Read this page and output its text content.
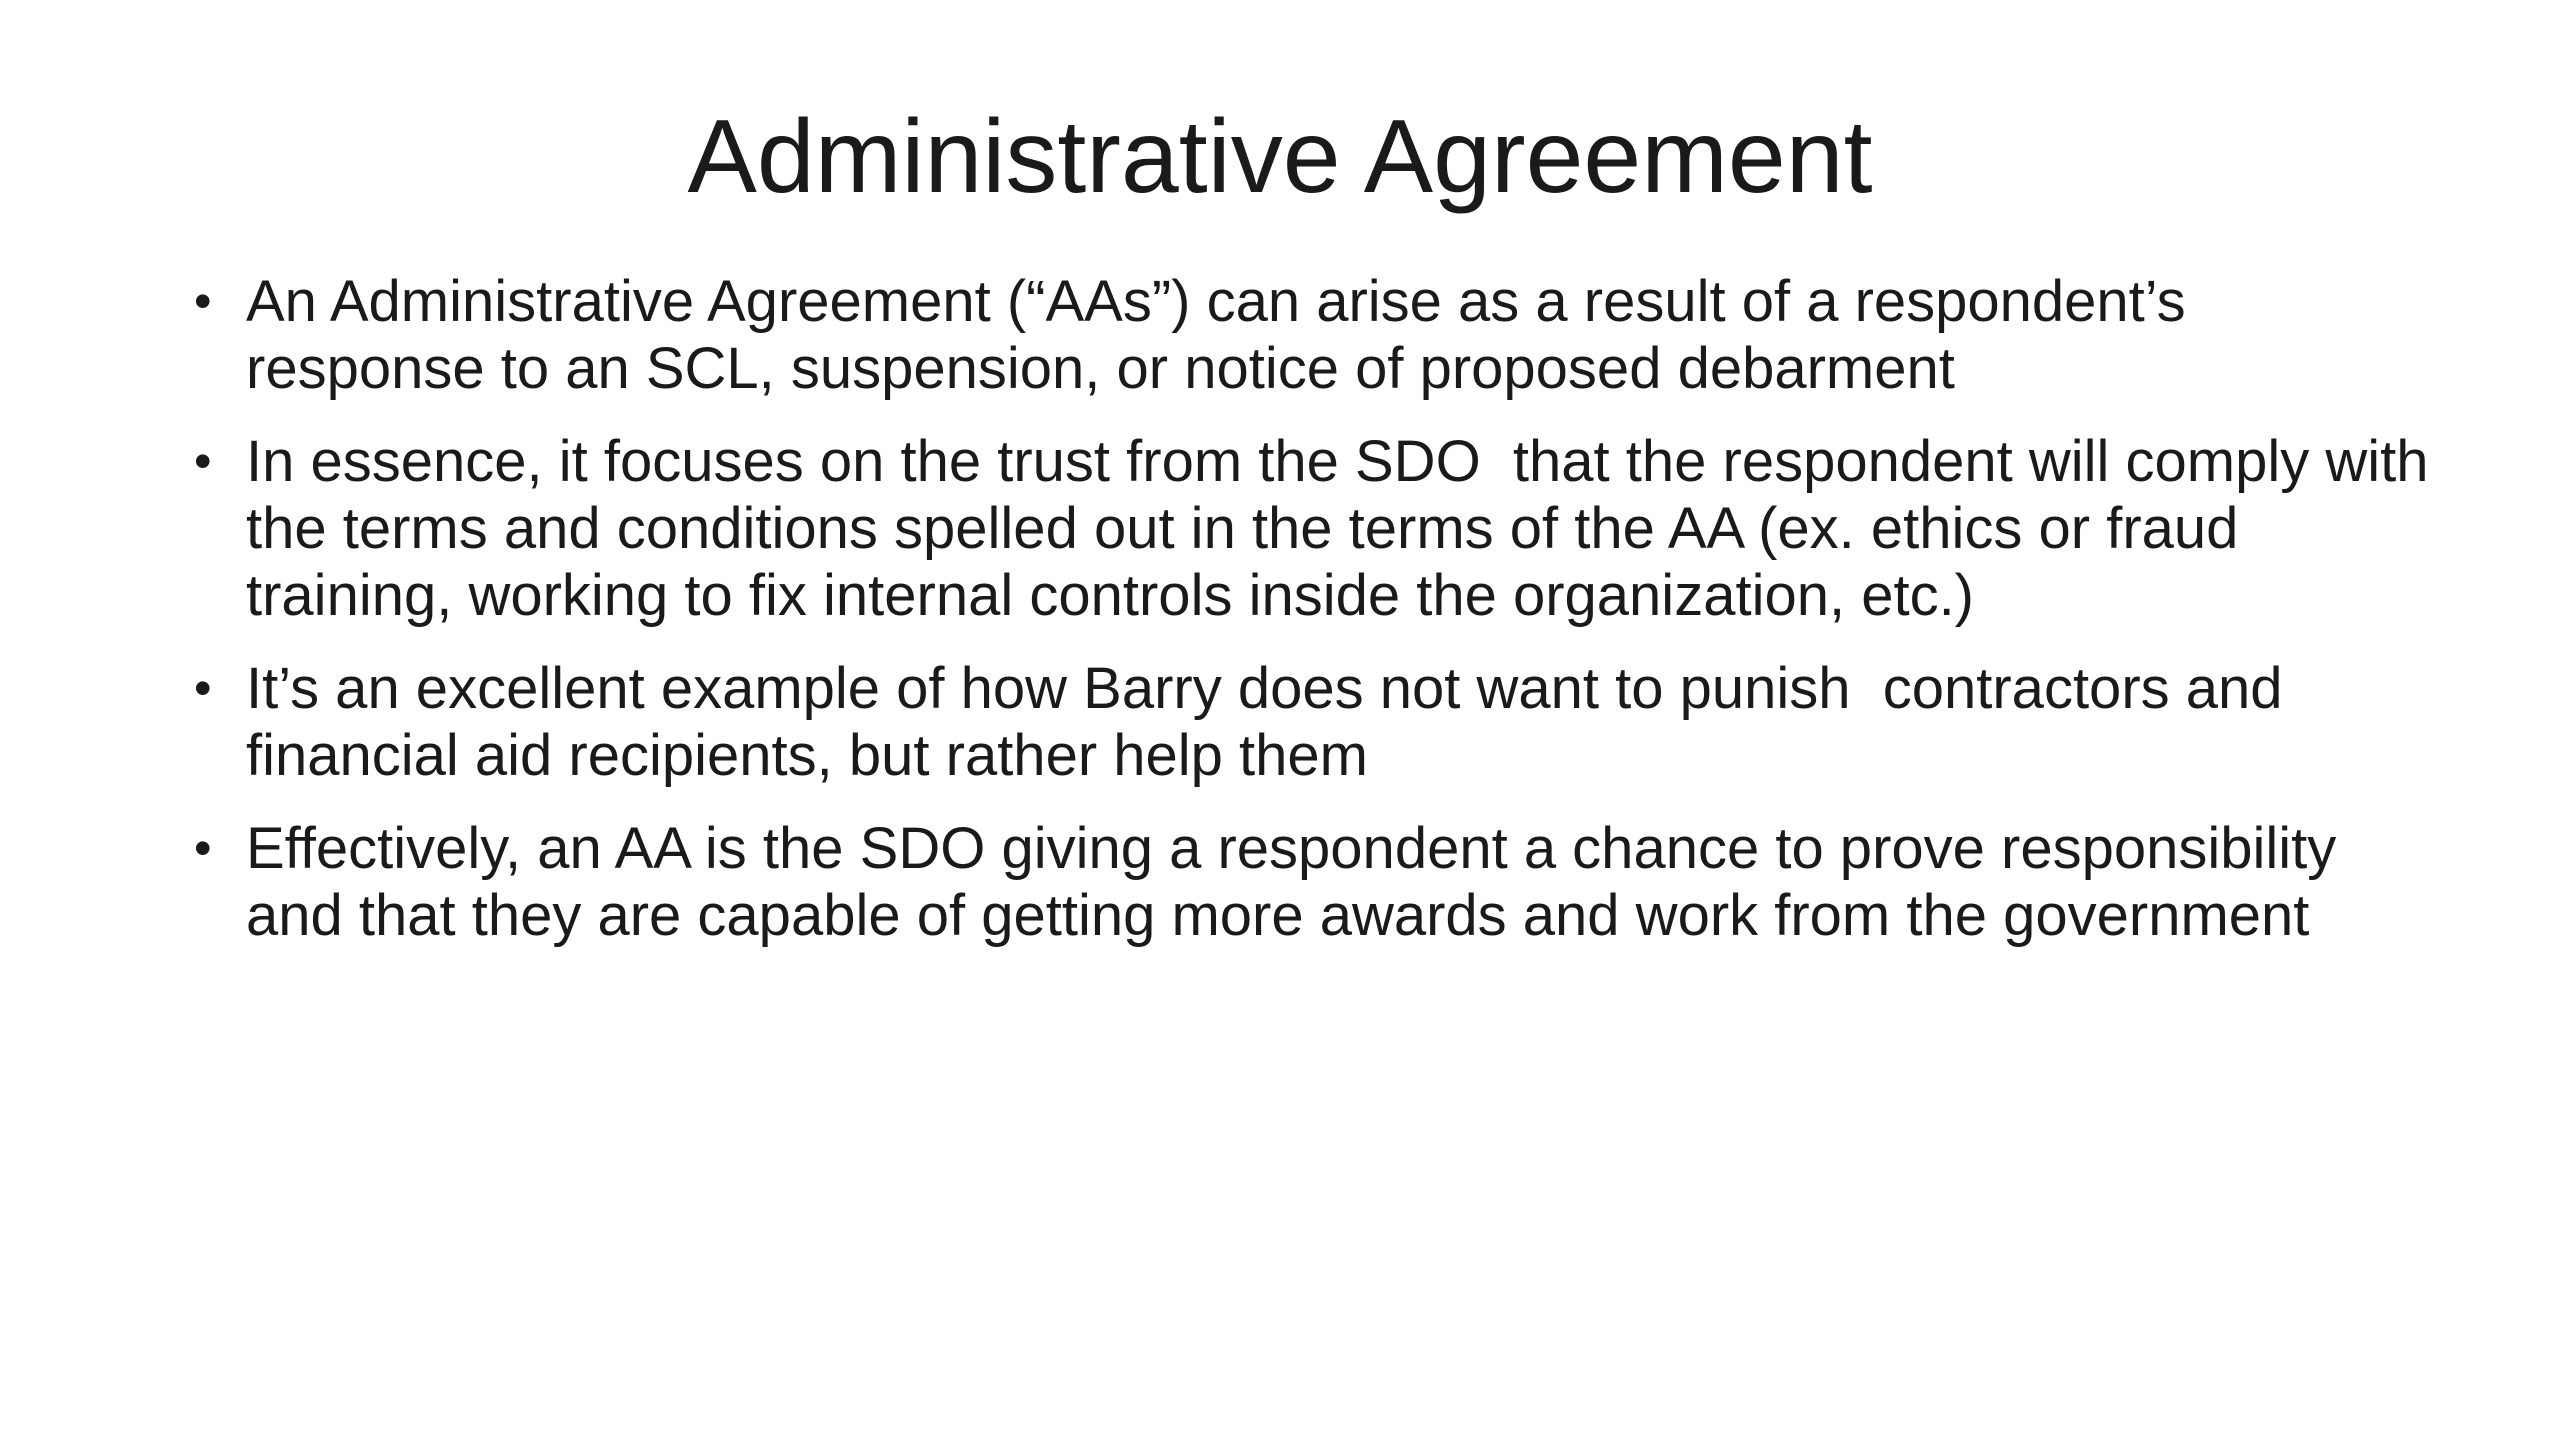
Administrative Agreement
• An Administrative Agreement (“AAs”) can arise as a result of a respondent’s response to an SCL, suspension, or notice of proposed debarment
• In essence, it focuses on the trust from the SDO  that the respondent will comply with the terms and conditions spelled out in the terms of the AA (ex. ethics or fraud training, working to fix internal controls inside the organization, etc.)
• It’s an excellent example of how Barry does not want to punish  contractors and financial aid recipients, but rather help them
• Effectively, an AA is the SDO giving a respondent a chance to prove responsibility and that they are capable of getting more awards and work from the government
